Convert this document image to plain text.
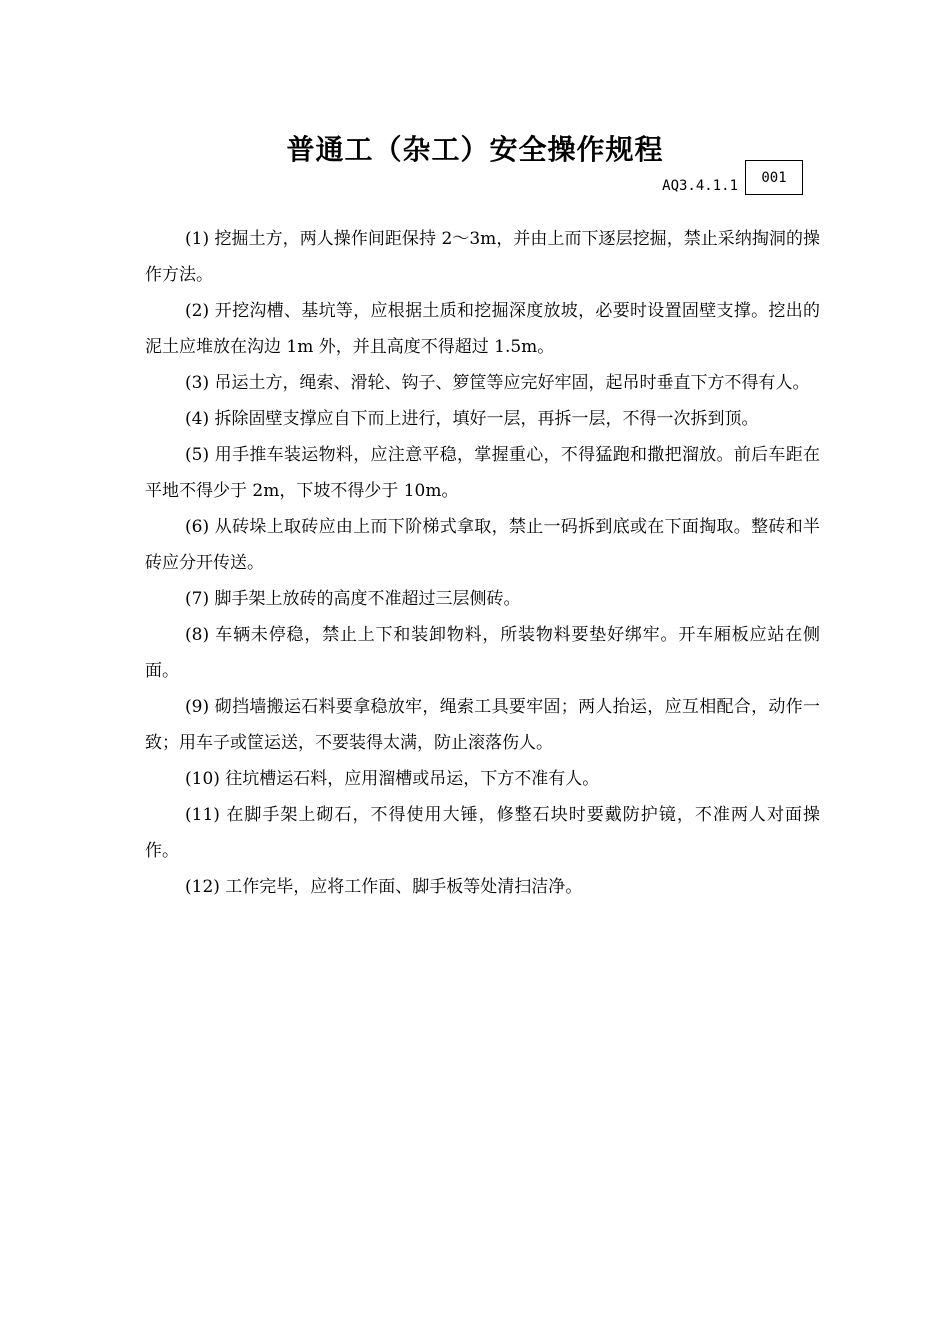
普通工（杂工）安全操作规程
AQ3.4.1.1	001

(1) 挖掘土方，两人操作间距保持 2～3m，并由上而下逐层挖掘，禁止采纳掏洞的操作方法。

(2) 开挖沟槽、基坑等，应根据土质和挖掘深度放坡，必要时设置固壁支撑。挖出的泥土应堆放在沟边 1m 外，并且高度不得超过 1.5m。

(3) 吊运土方，绳索、滑轮、钩子、箩筐等应完好牢固，起吊时垂直下方不得有人。

(4) 拆除固壁支撑应自下而上进行，填好一层，再拆一层，不得一次拆到顶。

(5) 用手推车装运物料，应注意平稳，掌握重心，不得猛跑和撒把溜放。前后车距在平地不得少于 2m，下坡不得少于 10m。

(6) 从砖垛上取砖应由上而下阶梯式拿取，禁止一码拆到底或在下面掏取。整砖和半砖应分开传送。

(7) 脚手架上放砖的高度不准超过三层侧砖。

(8) 车辆未停稳，禁止上下和装卸物料，所装物料要垫好绑牢。开车厢板应站在侧面。

(9) 砌挡墙搬运石料要拿稳放牢，绳索工具要牢固；两人抬运，应互相配合，动作一致；用车子或筐运送，不要装得太满，防止滚落伤人。

(10) 往坑槽运石料，应用溜槽或吊运，下方不准有人。

(11) 在脚手架上砌石，不得使用大锤，修整石块时要戴防护镜，不准两人对面操作。

(12) 工作完毕，应将工作面、脚手板等处清扫洁净。
